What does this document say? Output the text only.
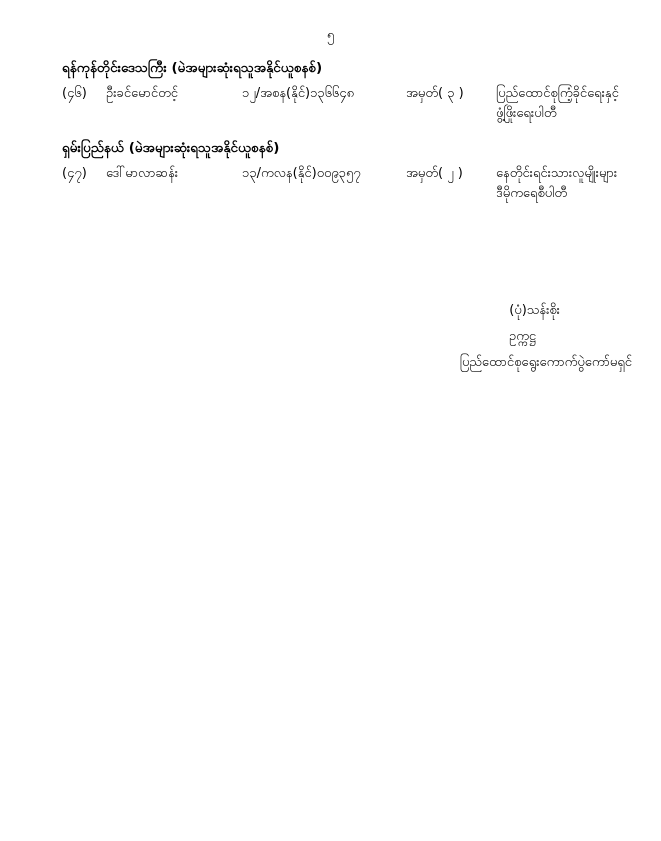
၅
ရန်ကုန်တိုင်းဒေသကြီး (မဲအများဆုံးရသူအနိုင်ယူစနစ်)
(၄၆)	ဦးခင်မောင်တင့်	၁၂/အစန(နိုင်)၁၃၆၆၄၈	အမှတ်( ၃ )	ပြည်ထောင်စုကြံ့ခိုင်ရေးနှင့်
ဖွံ့ဖြိုးရေးပါတီ
ရှမ်းပြည်နယ် (မဲအများဆုံးရသူအနိုင်ယူစနစ်)
(၄၇)	ဒေါ်မာလာဆန်း	၁၃/ကလန(နိုင်)၀၀၉၃၅၇	အမှတ်( ၂ )	နေတိုင်းရင်းသားလူမျိုးများ
ဒီမိုကရေစီပါတီ
(ပုံ)သန်းစိုး
ဥက္ကဋ္ဌ
ပြည်ထောင်စုရွေးကောက်ပွဲကော်မရှင်
